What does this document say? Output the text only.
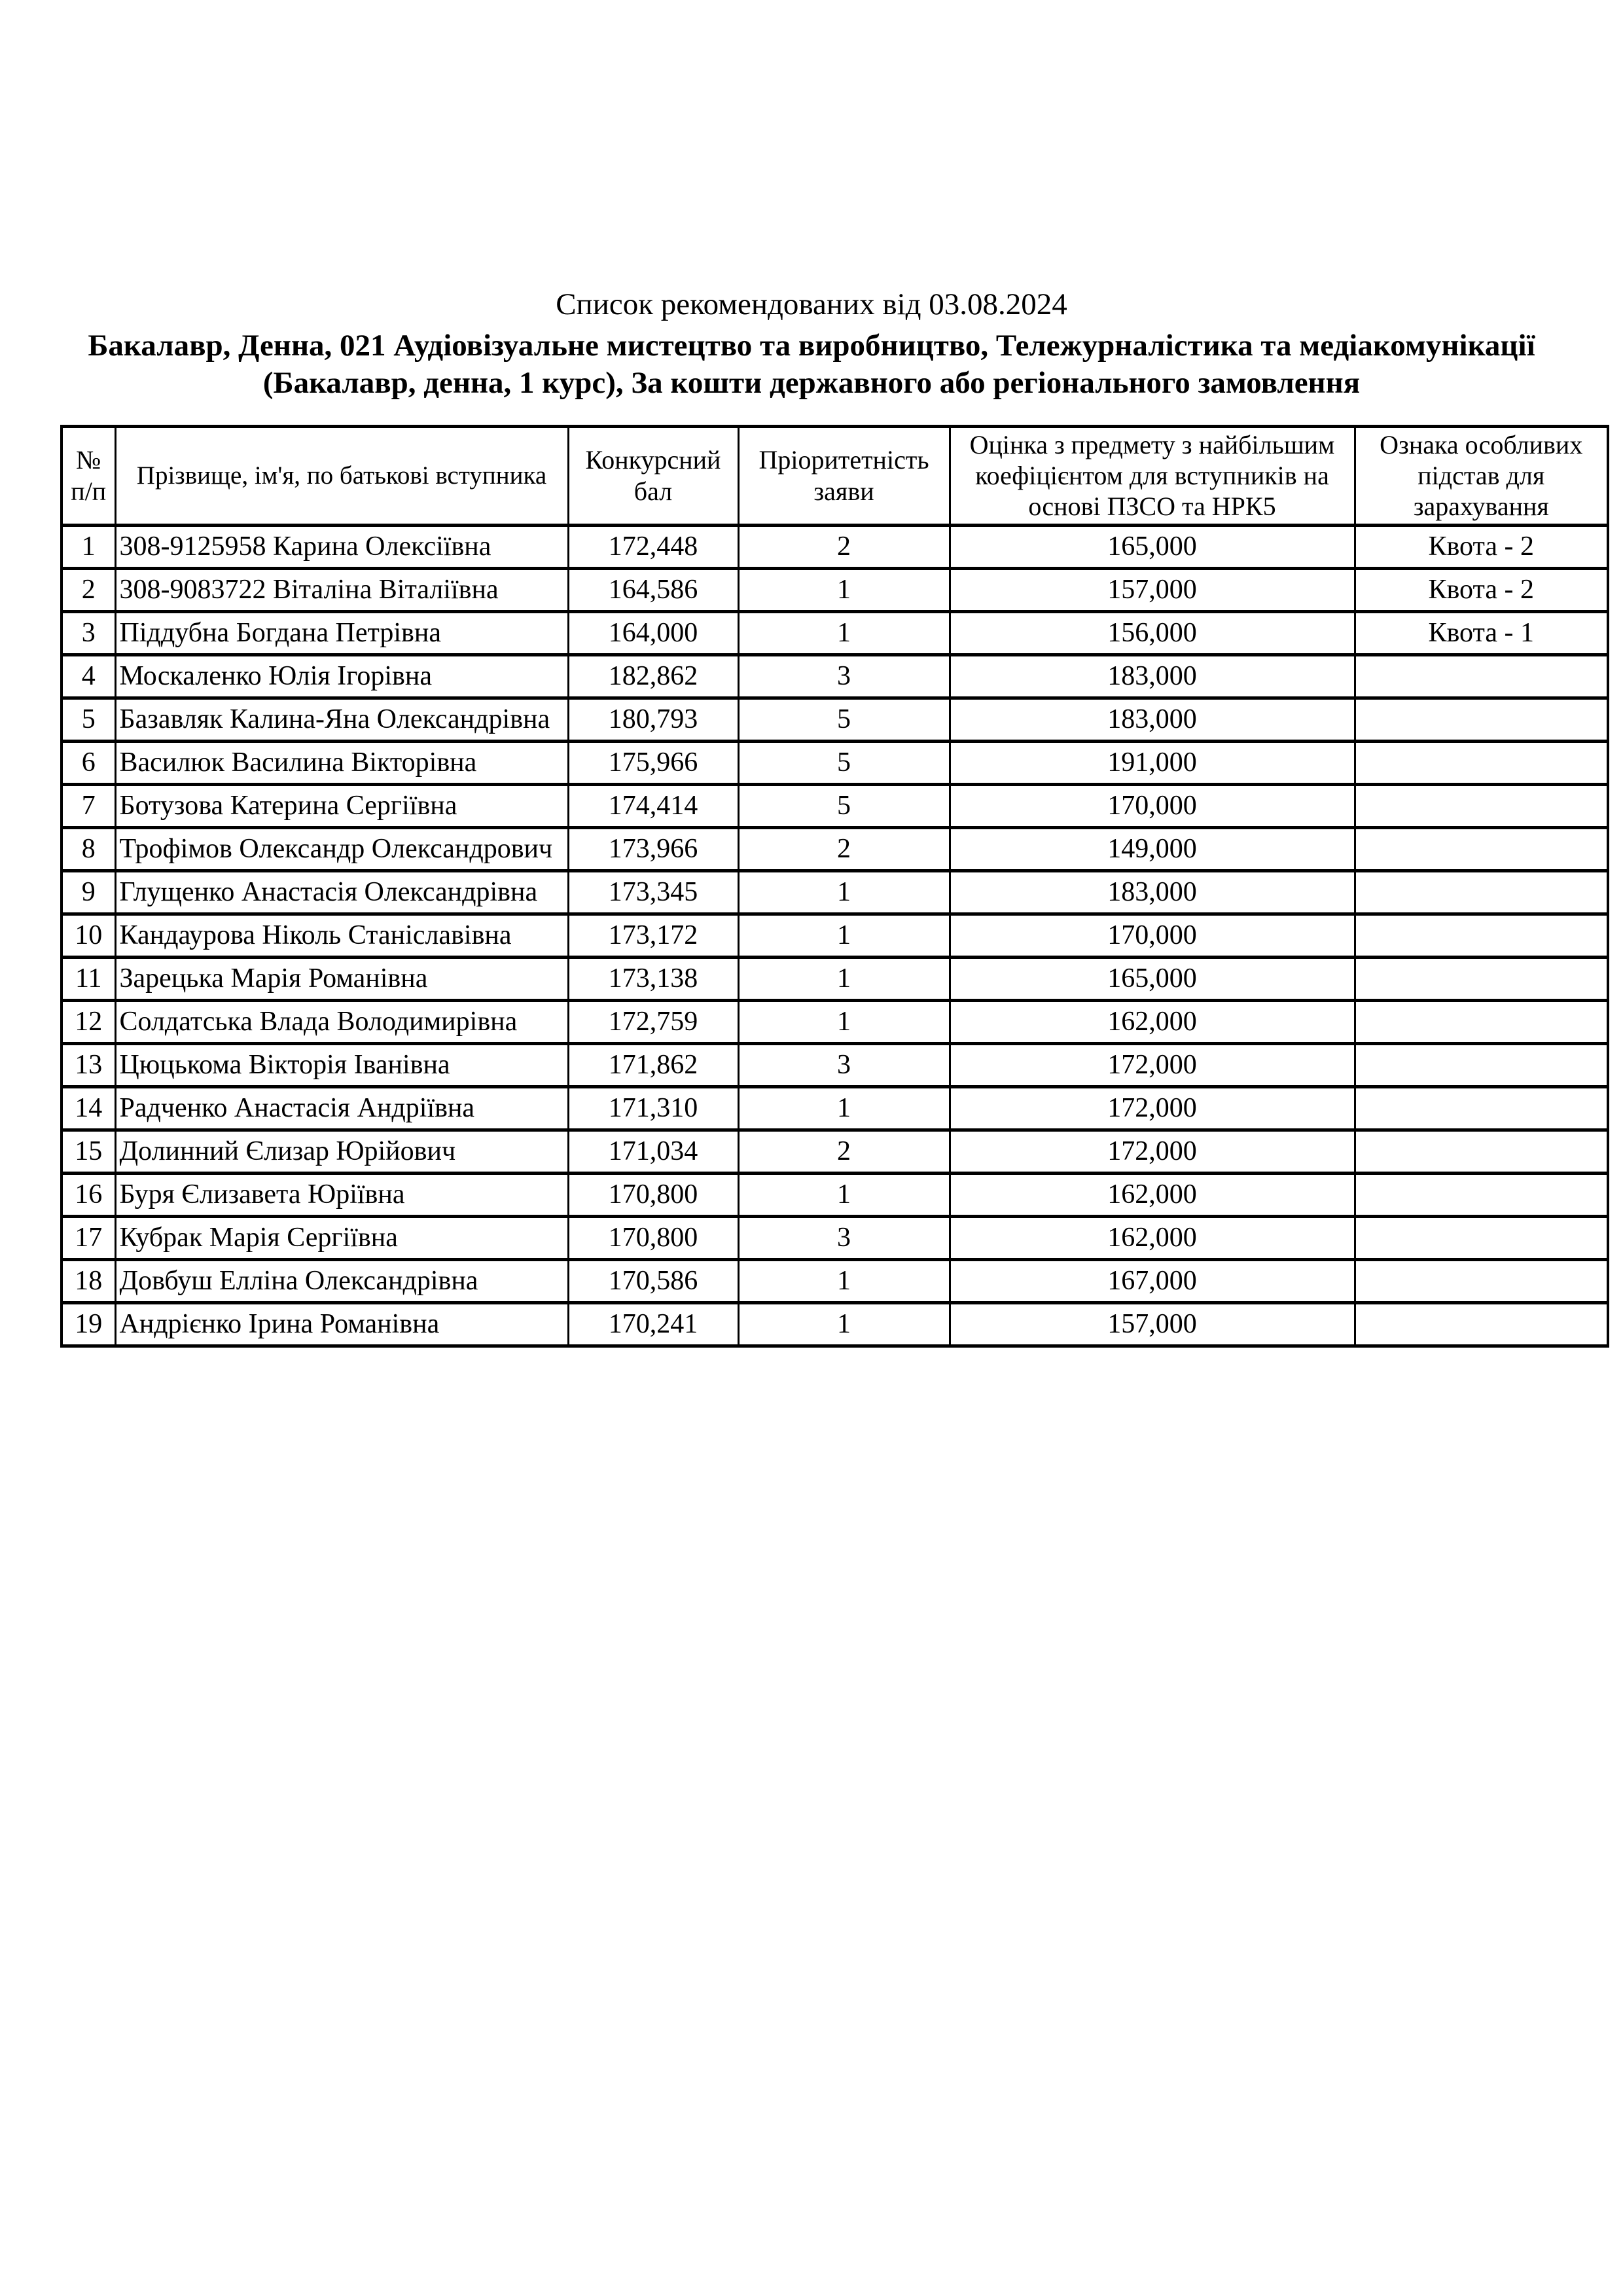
Список рекомендованих від 03.08.2024
Бакалавр, Денна, 021 Аудіовізуальне мистецтво та виробництво, Тележурналістика та медіакомунікації (Бакалавр, денна, 1 курс), За кошти державного або регіонального замовлення
№ п/п	Прізвище, ім'я, по батькові вступника	Конкурсний бал	Пріоритетність заяви	Оцінка з предмету з найбільшим коефіцієнтом для вступників на основі ПЗСО та НРК5	Ознака особливих підстав для зарахування
1	308-9125958 Карина Олексіївна	172,448	2	165,000	Квота - 2
2	308-9083722 Віталіна Віталіївна	164,586	1	157,000	Квота - 2
3	Піддубна Богдана Петрівна	164,000	1	156,000	Квота - 1
4	Москаленко Юлія Ігорівна	182,862	3	183,000	
5	Базавляк Калина-Яна Олександрівна	180,793	5	183,000	
6	Василюк Василина Вікторівна	175,966	5	191,000	
7	Ботузова Катерина Сергіївна	174,414	5	170,000	
8	Трофімов Олександр Олександрович	173,966	2	149,000	
9	Глущенко Анастасія Олександрівна	173,345	1	183,000	
10	Кандаурова Ніколь Станіславівна	173,172	1	170,000	
11	Зарецька Марія Романівна	173,138	1	165,000	
12	Солдатська Влада Володимирівна	172,759	1	162,000	
13	Цюцькома Вікторія Іванівна	171,862	3	172,000	
14	Радченко Анастасія Андріївна	171,310	1	172,000	
15	Долинний Єлизар Юрійович	171,034	2	172,000	
16	Буря Єлизавета Юріївна	170,800	1	162,000	
17	Кубрак Марія Сергіївна	170,800	3	162,000	
18	Довбуш Елліна Олександрівна	170,586	1	167,000	
19	Андрієнко Ірина Романівна	170,241	1	157,000	
